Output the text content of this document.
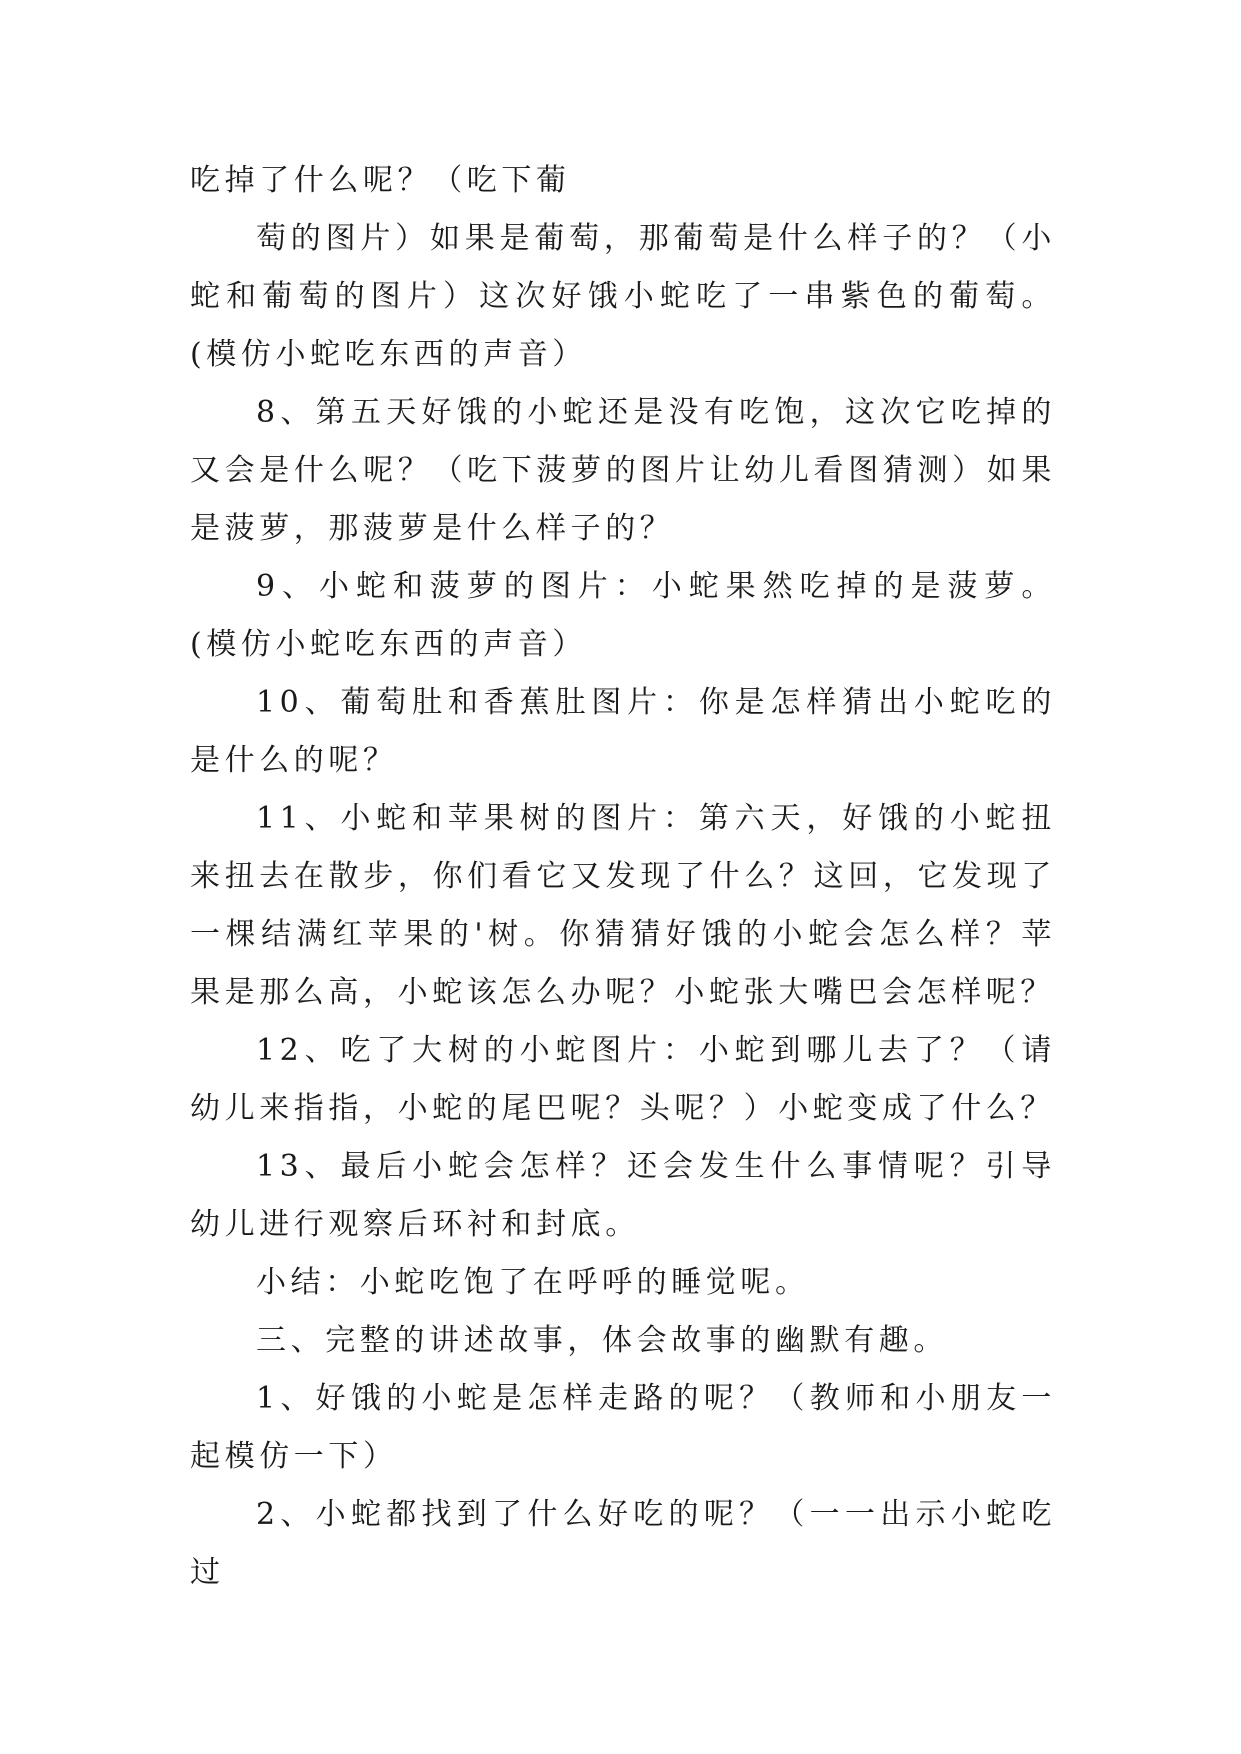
吃掉了什么呢？（吃下葡

萄的图片）如果是葡萄，那葡萄是什么样子的？（小蛇和葡萄的图片）这次好饿小蛇吃了一串紫色的葡萄。(模仿小蛇吃东西的声音）

8、第五天好饿的小蛇还是没有吃饱，这次它吃掉的又会是什么呢？（吃下菠萝的图片让幼儿看图猜测）如果是菠萝，那菠萝是什么样子的？

9、小蛇和菠萝的图片：小蛇果然吃掉的是菠萝。(模仿小蛇吃东西的声音）

10、葡萄肚和香蕉肚图片：你是怎样猜出小蛇吃的是什么的呢？

11、小蛇和苹果树的图片：第六天，好饿的小蛇扭来扭去在散步，你们看它又发现了什么？这回，它发现了一棵结满红苹果的'树。你猜猜好饿的小蛇会怎么样？苹果是那么高，小蛇该怎么办呢？小蛇张大嘴巴会怎样呢？

12、吃了大树的小蛇图片：小蛇到哪儿去了？（请幼儿来指指，小蛇的尾巴呢？头呢？）小蛇变成了什么？

13、最后小蛇会怎样？还会发生什么事情呢？引导幼儿进行观察后环衬和封底。

小结：小蛇吃饱了在呼呼的睡觉呢。

三、完整的讲述故事，体会故事的幽默有趣。

1、好饿的小蛇是怎样走路的呢？（教师和小朋友一起模仿一下）

2、小蛇都找到了什么好吃的呢？（一一出示小蛇吃过
